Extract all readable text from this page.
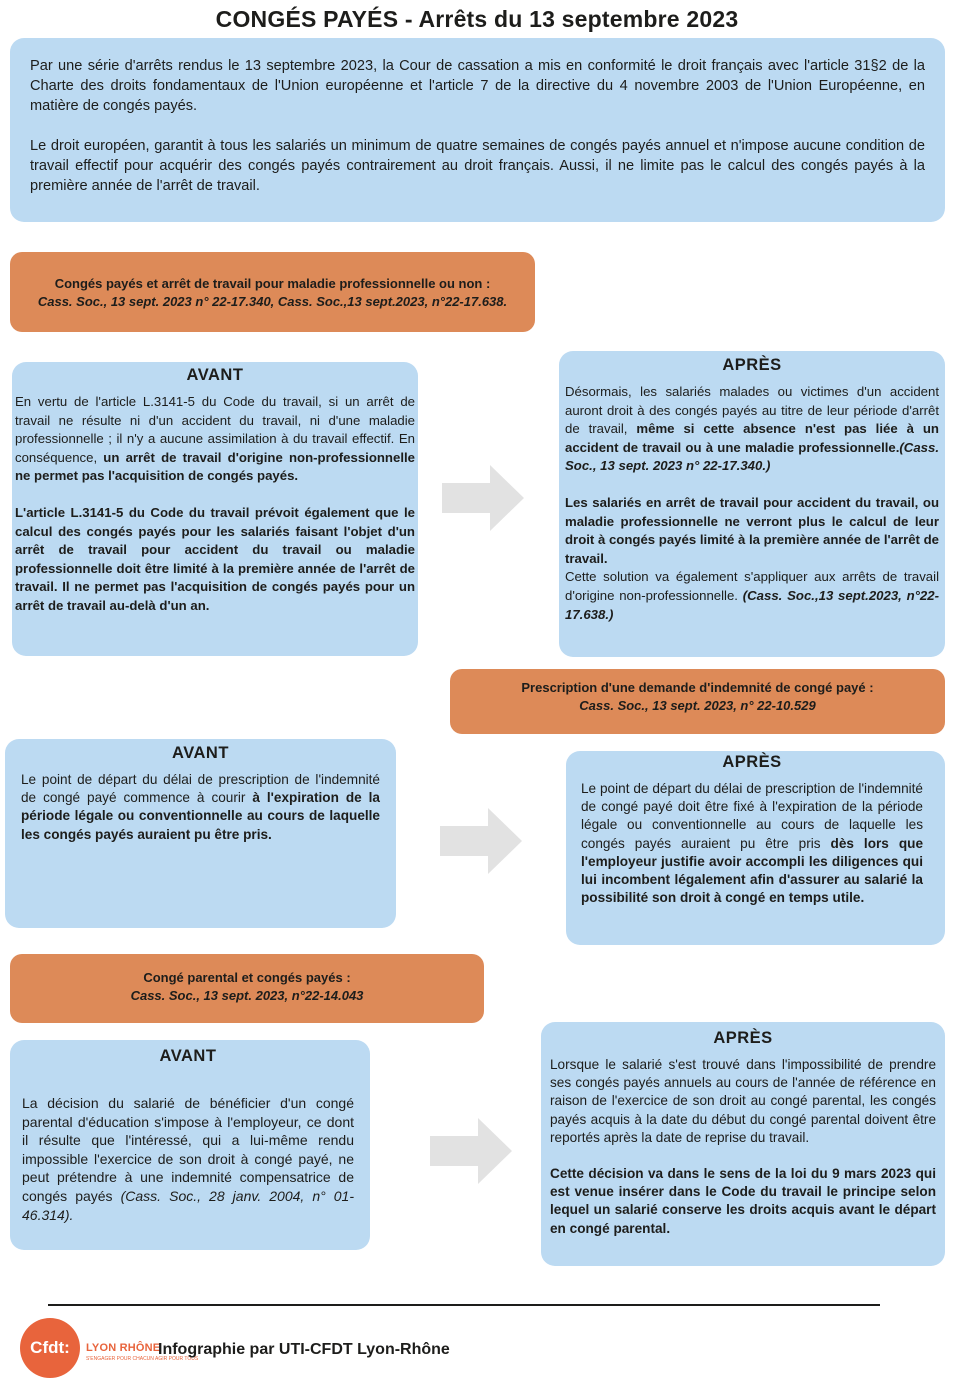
CONGÉS PAYÉS - Arrêts du 13 septembre 2023

Par une série d'arrêts rendus le 13 septembre 2023, la Cour de cassation a mis en conformité le droit français avec l'article 31§2 de la Charte des droits fondamentaux de l'Union européenne et l'article 7 de la directive du 4 novembre 2003 de l'Union Européenne, en matière de congés payés.

Le droit européen, garantit à tous les salariés un minimum de quatre semaines de congés payés annuel et n'impose aucune condition de travail effectif pour acquérir des congés payés contrairement au droit français. Aussi, il ne limite pas le calcul des congés payés à la première année de l'arrêt de travail.

Congés payés et arrêt de travail pour maladie professionnelle ou non :
Cass. Soc., 13 sept. 2023 n° 22-17.340, Cass. Soc.,13 sept.2023, n°22-17.638.
AVANT

En vertu de l'article L.3141-5 du Code du travail, si un arrêt de travail ne résulte ni d'un accident du travail, ni d'une maladie professionnelle ; il n'y a aucune assimilation à du travail effectif. En conséquence, un arrêt de travail d'origine non-professionnelle ne permet pas l'acquisition de congés payés.

L'article L.3141-5 du Code du travail prévoit également que le calcul des congés payés pour les salariés faisant l'objet d'un arrêt de travail pour accident du travail ou maladie professionnelle doit être limité à la première année de l'arrêt de travail. Il ne permet pas l'acquisition de congés payés pour un arrêt de travail au-delà d'un an.

APRÈS

Désormais, les salariés malades ou victimes d'un accident auront droit à des congés payés au titre de leur période d'arrêt de travail, même si cette absence n'est pas liée à un accident de travail ou à une maladie professionnelle.(Cass. Soc., 13 sept. 2023 n° 22-17.340.)

Les salariés en arrêt de travail pour accident du travail, ou maladie professionnelle ne verront plus le calcul de leur droit à congés payés limité à la première année de l'arrêt de travail.

Cette solution va également s'appliquer aux arrêts de travail d'origine non-professionnelle. (Cass. Soc.,13 sept.2023, n°22-17.638.)

Prescription d'une demande d'indemnité de congé payé :
Cass. Soc., 13 sept. 2023, n° 22-10.529
AVANT

Le point de départ du délai de prescription de l'indemnité de congé payé commence à courir à l'expiration de la période légale ou conventionnelle au cours de laquelle les congés payés auraient pu être pris.

APRÈS

Le point de départ du délai de prescription de l'indemnité de congé payé doit être fixé à l'expiration de la période légale ou conventionnelle au cours de laquelle les congés payés auraient pu être pris dès lors que l'employeur justifie avoir accompli les diligences qui lui incombent légalement afin d'assurer au salarié la possibilité son droit à congé en temps utile.

Congé parental et congés payés :
Cass. Soc., 13 sept. 2023, n°22-14.043
AVANT

La décision du salarié de bénéficier d'un congé parental d'éducation s'impose à l'employeur, ce dont il résulte que l'intéressé, qui a lui-même rendu impossible l'exercice de son droit à congé payé, ne peut prétendre à une indemnité compensatrice de congés payés (Cass. Soc., 28 janv. 2004, n° 01-46.314).

APRÈS

Lorsque le salarié s'est trouvé dans l'impossibilité de prendre ses congés payés annuels au cours de l'année de référence en raison de l'exercice de son droit au congé parental, les congés payés acquis à la date du début du congé parental doivent être reportés après la date de reprise du travail.

Cette décision va dans le sens de la loi du 9 mars 2023 qui est venue insérer dans le Code du travail le principe selon lequel un salarié conserve les droits acquis avant le départ en congé parental.

Cfdt:	LYON RHÔNE
S'ENGAGER POUR CHACUN AGIR POUR TOUS
Infographie par UTI-CFDT Lyon-Rhône
